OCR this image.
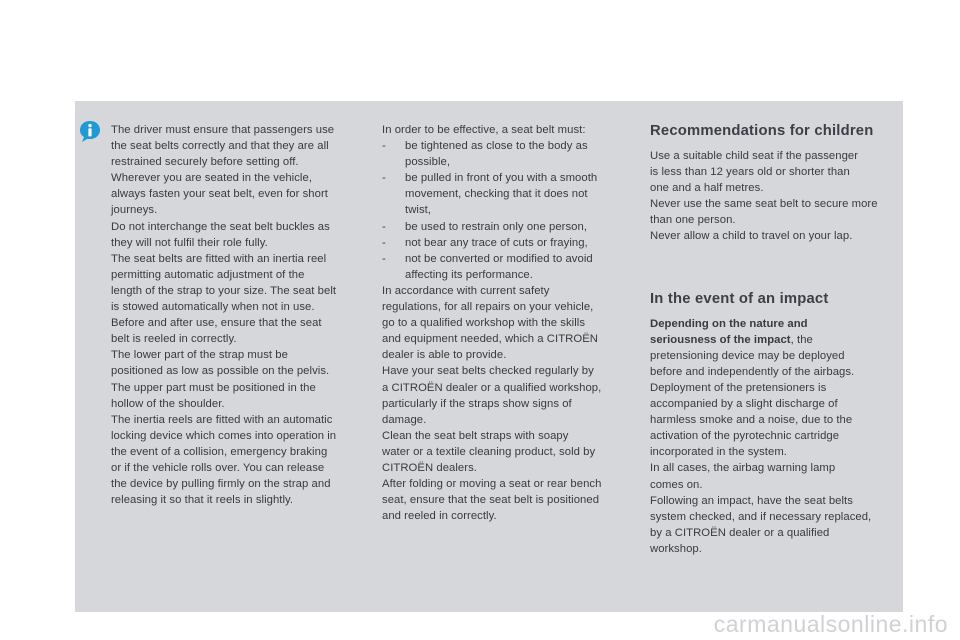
The driver must ensure that passengers use

the seat belts correctly and that they are all

restrained securely before setting off.

Wherever you are seated in the vehicle,

always fasten your seat belt, even for short

journeys.

Do not interchange the seat belt buckles as

they will not fulfil their role fully.

The seat belts are fitted with an inertia reel

permitting automatic adjustment of the

length of the strap to your size. The seat belt

is stowed automatically when not in use.

Before and after use, ensure that the seat

belt is reeled in correctly.

The lower part of the strap must be

positioned as low as possible on the pelvis.

The upper part must be positioned in the

hollow of the shoulder.

The inertia reels are fitted with an automatic

locking device which comes into operation in

the event of a collision, emergency braking

or if the vehicle rolls over. You can release

the device by pulling firmly on the strap and

releasing it so that it reels in slightly.

In order to be effective, a seat belt must:

- be tightened as close to the body as

possible,

- be pulled in front of you with a smooth

movement, checking that it does not

twist,

- be used to restrain only one person,

- not bear any trace of cuts or fraying,

- not be converted or modified to avoid

affecting its performance.

In accordance with current safety

regulations, for all repairs on your vehicle,

go to a qualified workshop with the skills

and equipment needed, which a CITROËN

dealer is able to provide.

Have your seat belts checked regularly by

a CITROËN dealer or a qualified workshop,

particularly if the straps show signs of

damage.

Clean the seat belt straps with soapy

water or a textile cleaning product, sold by

CITROËN dealers.

After folding or moving a seat or rear bench

seat, ensure that the seat belt is positioned

and reeled in correctly.

Recommendations for children

Use a suitable child seat if the passenger

is less than 12 years old or shorter than

one and a half metres.

Never use the same seat belt to secure more

than one person.

Never allow a child to travel on your lap.

In the event of an impact

Depending on the nature and

seriousness of the impact, the

pretensioning device may be deployed

before and independently of the airbags.

Deployment of the pretensioners is

accompanied by a slight discharge of

harmless smoke and a noise, due to the

activation of the pyrotechnic cartridge

incorporated in the system.

In all cases, the airbag warning lamp

comes on.

Following an impact, have the seat belts

system checked, and if necessary replaced,

by a CITROËN dealer or a qualified

workshop.

carmanualsonline.info
